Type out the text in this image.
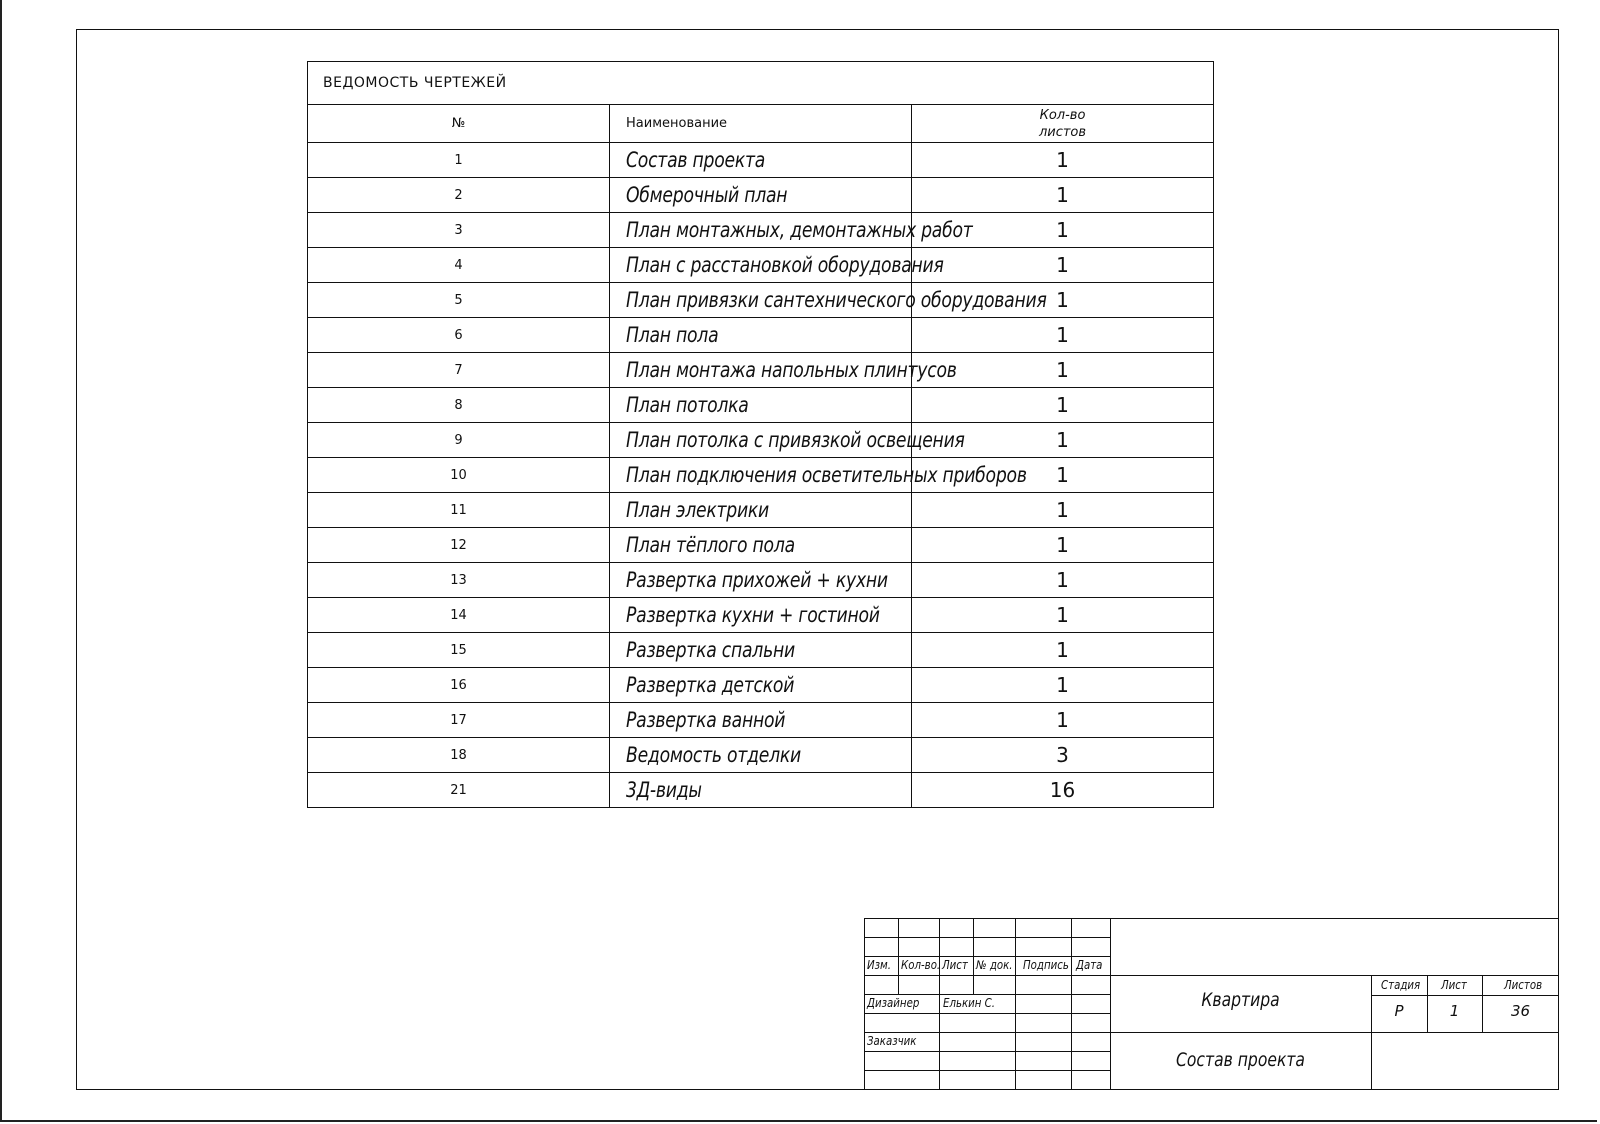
ВЕДОМОСТЬ ЧЕРТЕЖЕЙ		
№	Наименование	Кол-во
листов
1	Состав проекта	1
2	Обмерочный план	1
3	План монтажных, демонтажных работ	1
4	План с расстановкой оборудования	1
5	План привязки сантехнического оборудования	1
6	План пола	1
7	План монтажа напольных плинтусов	1
8	План потолка	1
9	План потолка с привязкой освещения	1
10	План подключения осветительных приборов	1
11	План электрики	1
12	План тёплого пола	1
13	Развертка прихожей + кухни	1
14	Развертка кухни + гостиной	1
15	Развертка спальни	1
16	Развертка детской	1
17	Развертка ванной	1
18	Ведомость отделки	3
21	3Д-виды	16
Изм. Кол-во. Лист № док. Подпись Дата
Дизайнер Елькин С.
Заказчик
Квартира
Состав проекта
Стадия Лист	Листов
Р	1	36
